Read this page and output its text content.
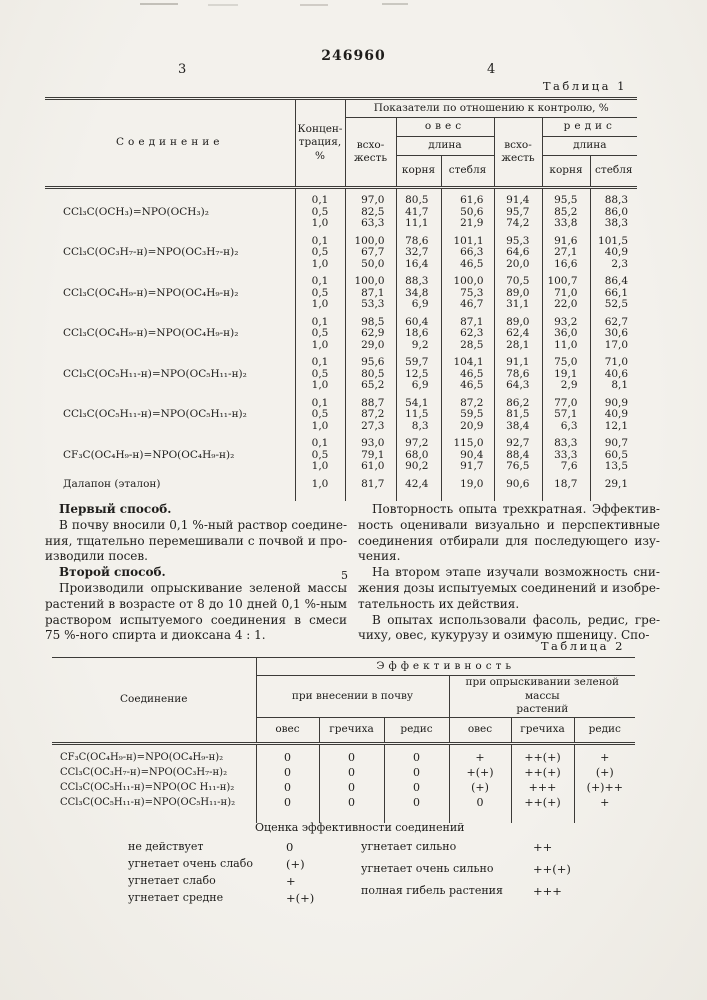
246960
3	4
Таблица 1
Соединение	Концен-
трация,
%	Показатели по отношению к контролю, %					
		всхо-
жесть	овес		всхо-
жесть	редис	
			длина			длина	
			корня	стебля		корня	стебля
CCl₃C(OCH₃)=NPO(OCH₃)₂	0,1	97,0	80,5	61,6	91,4	95,5	88,3
	0,5	82,5	41,7	50,6	95,7	85,2	86,0
	1,0	63,3	11,1	21,9	74,2	33,8	38,3
CCl₃C(OC₃H₇-н)=NPO(OC₃H₇-н)₂	0,1	100,0	78,6	101,1	95,3	91,6	101,5
	0,5	67,7	32,7	66,3	64,6	27,1	40,9
	1,0	50,0	16,4	46,5	20,0	16,6	2,3
CCl₃C(OC₄H₉-н)=NPO(OC₄H₉-н)₂	0,1	100,0	88,3	100,0	70,5	100,7	86,4
	0,5	87,1	34,8	75,3	89,0	71,0	66,1
	1,0	53,3	6,9	46,7	31,1	22,0	52,5
CCl₃C(OC₄H₉-н)=NPO(OC₄H₉-н)₂	0,1	98,5	60,4	87,1	89,0	93,2	62,7
	0,5	62,9	18,6	62,3	62,4	36,0	30,6
	1,0	29,0	9,2	28,5	28,1	11,0	17,0
CCl₃C(OC₅H₁₁-н)=NPO(OC₅H₁₁-н)₂	0,1	95,6	59,7	104,1	91,1	75,0	71,0
	0,5	80,5	12,5	46,5	78,6	19,1	40,6
	1,0	65,2	6,9	46,5	64,3	2,9	8,1
CCl₃C(OC₅H₁₁-н)=NPO(OC₅H₁₁-н)₂	0,1	88,7	54,1	87,2	86,2	77,0	90,9
	0,5	87,2	11,5	59,5	81,5	57,1	40,9
	1,0	27,3	8,3	20,9	38,4	6,3	12,1
CF₃C(OC₄H₉-н)=NPO(OC₄H₉-н)₂	0,1	93,0	97,2	115,0	92,7	83,3	90,7
	0,5	79,1	68,0	90,4	88,4	33,3	60,5
	1,0	61,0	90,2	91,7	76,5	7,6	13,5
Далапон (эталон)	1,0	81,7	42,4	19,0	90,6	18,7	29,1

Первый способ.
В почву вносили 0,1 %-ный раствор соедине-
ния, тщательно перемешивали с почвой и про-
изводили посев.
Второй способ.
Производили опрыскивание зеленой массы
растений в возрасте от 8 до 10 дней 0,1 %-ным
раствором испытуемого соединения в смеси
75 %-ного спирта и диоксана 4 : 1.
Повторность опыта трехкратная. Эффектив-
ность оценивали визуально и перспективные
соединения отбирали для последующего изу-
чения.
На втором этапе изучали возможность сни-
жения дозы испытуемых соединений и изобре-
тательность их действия.
В опытах использовали фасоль, редис, гре-
чиху, овес, кукурузу и озимую пшеницу. Спо-
5
Таблица 2
Соединение	Эффективность					
	при внесении в почву			при опрыскивании зеленой массы
растений		
	овес	гречиха	редис	овес	гречиха	редис
CF₃C(OC₄H₉-н)=NPO(OC₄H₉-н)₂	0	0	0	+	++(+)	+
CCl₃C(OC₃H₇-н)=NPO(OC₃H₇-н)₂	0	0	0	+(+)	++(+)	(+)
CCl₃C(OC₅H₁₁-н)=NPO(OC H₁₁-н)₂	0	0	0	(+)	+++	(+)++
CCl₃C(OC₅H₁₁-н)=NPO(OC₅H₁₁-н)₂	0	0	0	0	++(+)	+

Оценка эффективности соединений
не действует	0
угнетает очень слабо	(+)
угнетает слабо	+
угнетает средне	+(+)
угнетает сильно	++
угнетает очень сильно	++(+)
полная гибель растения	+++
